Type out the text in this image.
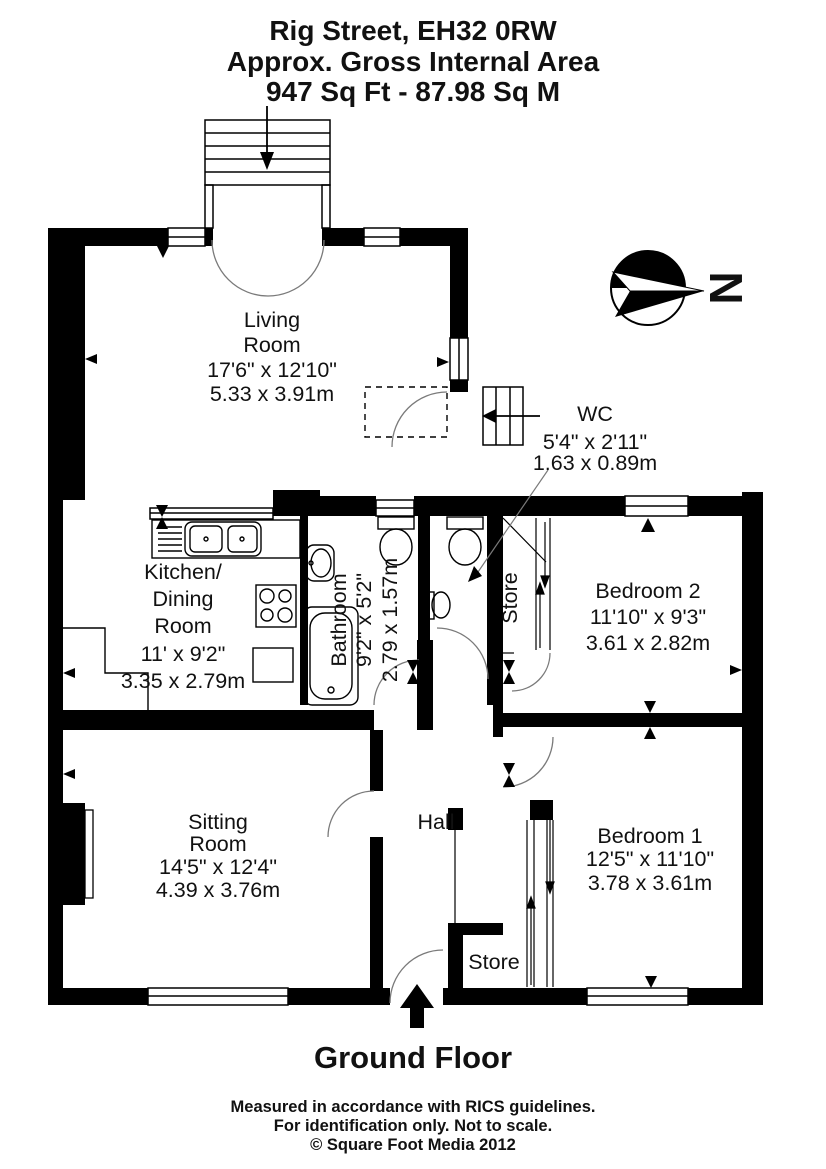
Rig Street, EH32 0RW
Approx. Gross Internal Area
947 Sq Ft - 87.98 Sq M
N
Living
Room
17'6" x 12'10"
5.33 x 3.91m
WC
5'4" x 2'11"
1.63 x 0.89m
Kitchen/
Dining
Room
11' x 9'2"
3.35 x 2.79m
Bathroom 9'2" x 5'2" 2.79 x 1.57m	Store	Bedroom 2
11'10" x 9'3"
3.61 x 2.82m
Sitting
Room
14'5" x 12'4"
4.39 x 3.76m
Hall
Bedroom 1
12'5" x 11'10"
3.78 x 3.61m
Store
Ground Floor
Measured in accordance with RICS guidelines.
For identification only. Not to scale.
© Square Foot Media 2012
